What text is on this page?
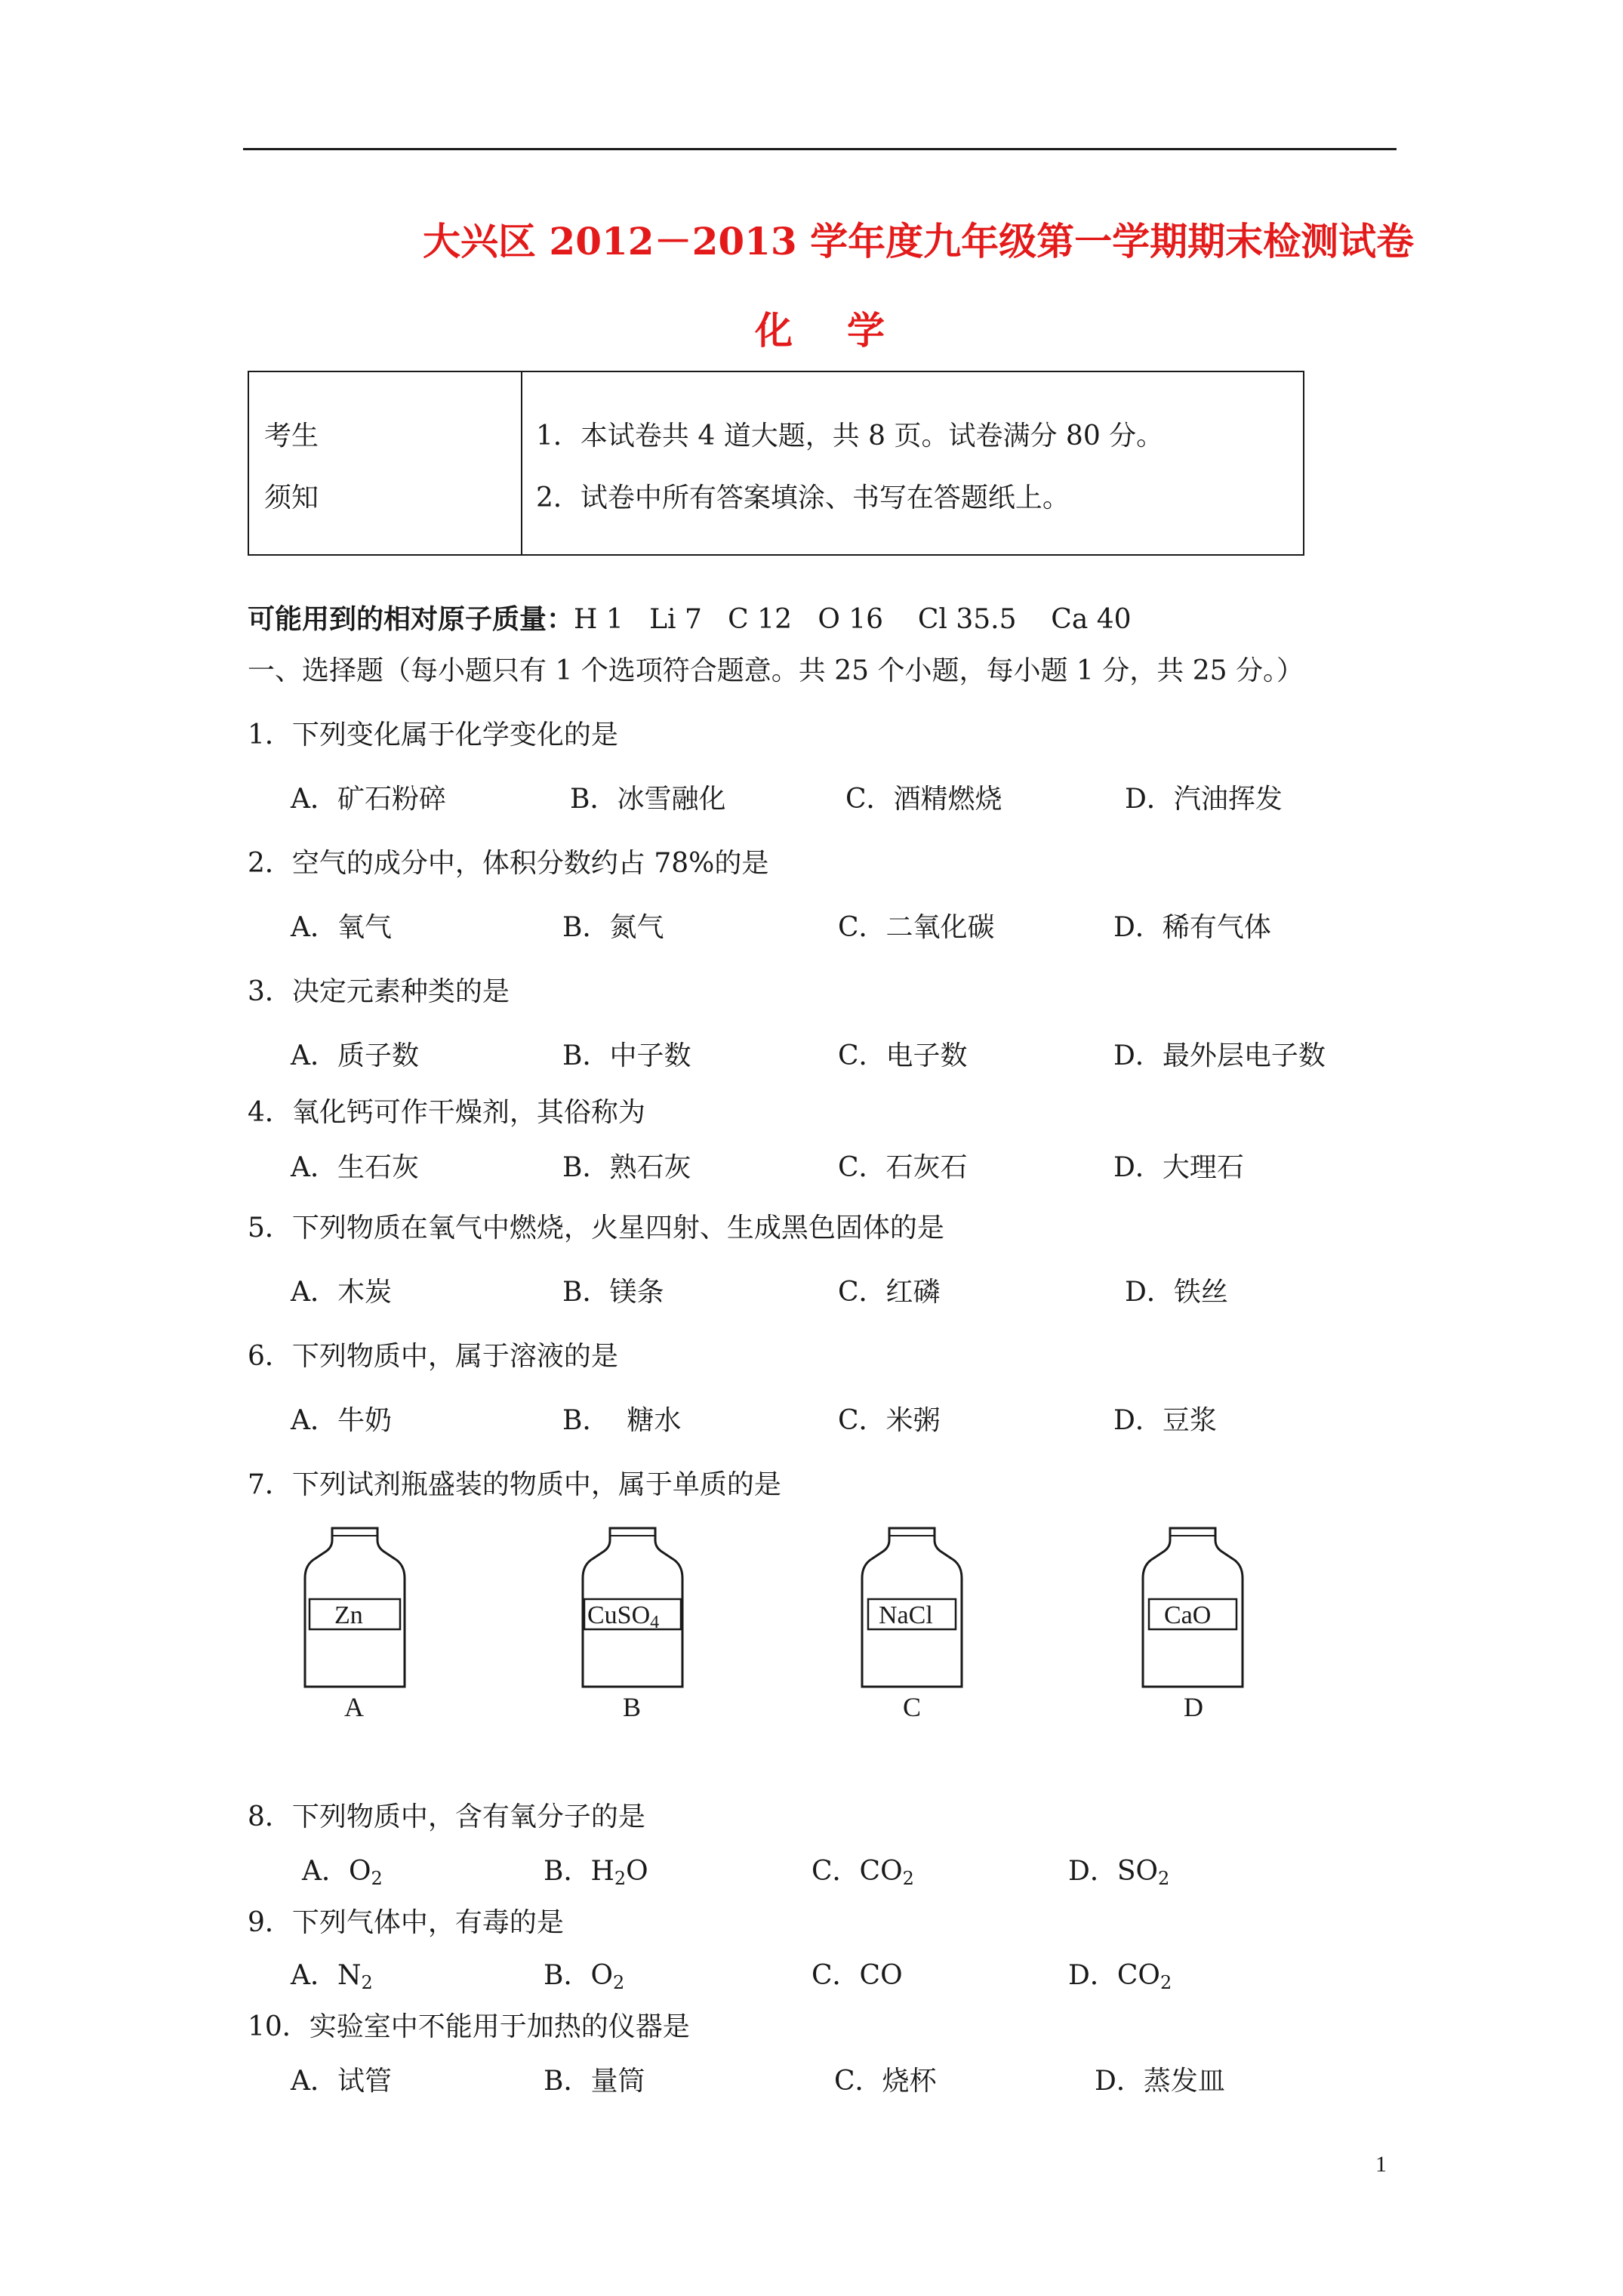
大兴区 2012－2013 学年度九年级第一学期期末检测试卷
化学
考生
须知
1．本试卷共 4 道大题，共 8 页。试卷满分 80 分。
2．试卷中所有答案填涂、书写在答题纸上。
可能用到的相对原子质量：H 1   Li 7   C 12   O 16    Cl 35.5    Ca 40
一、选择题（每小题只有 1 个选项符合题意。共 25 个小题，每小题 1 分，共 25 分。）
1．下列变化属于化学变化的是
A．矿石粉碎	B．冰雪融化	C．酒精燃烧	D．汽油挥发
2．空气的成分中，体积分数约占 78%的是
A．氧气	B．氮气	C．二氧化碳	D．稀有气体
3．决定元素种类的是
A．质子数	B．中子数	C．电子数	D．最外层电子数
4．氧化钙可作干燥剂，其俗称为
A．生石灰	B．熟石灰	C．石灰石	D．大理石
5．下列物质在氧气中燃烧，火星四射、生成黑色固体的是
A．木炭	B．镁条	C．红磷	D．铁丝
6．下列物质中，属于溶液的是
A．牛奶	B．  糖水	C．米粥	D．豆浆
7．下列试剂瓶盛装的物质中，属于单质的是
Zn
A
CuSO$_4$
B
NaCl
C
CaO
D
8．下列物质中，含有氧分子的是
A．$O_2$	B．$H_2O$	C．$CO_2$	D．$SO_2$
9．下列气体中，有毒的是
A．$N_2$	B．$O_2$	C．CO	D．$CO_2$
10．实验室中不能用于加热的仪器是
A．试管	B．量筒	C．烧杯	D．蒸发皿
1
